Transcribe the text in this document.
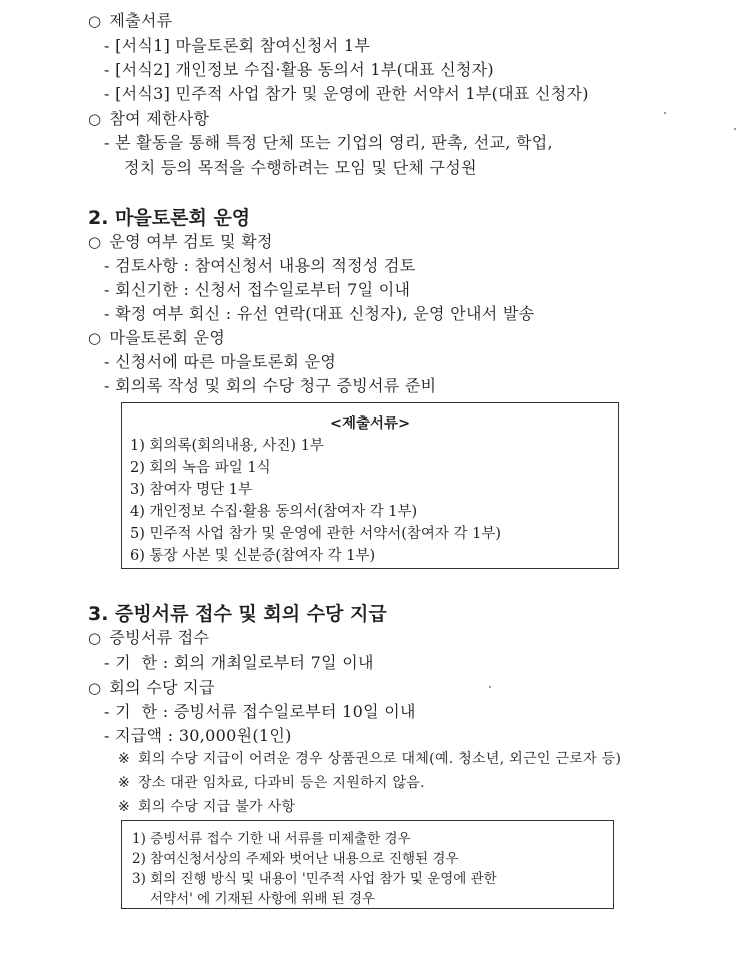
○ 제출서류
- [서식1] 마을토론회 참여신청서 1부
- [서식2] 개인정보 수집·활용 동의서 1부(대표 신청자)
- [서식3] 민주적 사업 참가 및 운영에 관한 서약서 1부(대표 신청자)
○ 참여 제한사항
- 본 활동을 통해 특정 단체 또는 기업의 영리, 판촉, 선교, 학업,
정치 등의 목적을 수행하려는 모임 및 단체 구성원
2. 마을토론회 운영
○ 운영 여부 검토 및 확정
- 검토사항 : 참여신청서 내용의 적정성 검토
- 회신기한 : 신청서 접수일로부터 7일 이내
- 확정 여부 회신 : 유선 연락(대표 신청자), 운영 안내서 발송
○ 마을토론회 운영
- 신청서에 따른 마을토론회 운영
- 회의록 작성 및 회의 수당 청구 증빙서류 준비
<제출서류>
1) 회의록(회의내용, 사진) 1부
2) 회의 녹음 파일 1식
3) 참여자 명단 1부
4) 개인정보 수집·활용 동의서(참여자 각 1부)
5) 민주적 사업 참가 및 운영에 관한 서약서(참여자 각 1부)
6) 통장 사본 및 신분증(참여자 각 1부)
3. 증빙서류 접수 및 회의 수당 지급
○ 증빙서류 접수
- 기  한 : 회의 개최일로부터 7일 이내
○ 회의 수당 지급
- 기  한 : 증빙서류 접수일로부터 10일 이내
- 지급액 : 30,000원(1인)
※ 회의 수당 지급이 어려운 경우 상품권으로 대체(예. 청소년, 외근인 근로자 등)
※ 장소 대관 임차료, 다과비 등은 지원하지 않음.
※ 회의 수당 지급 불가 사항
1) 증빙서류 접수 기한 내 서류를 미제출한 경우
2) 참여신청서상의 주제와 벗어난 내용으로 진행된 경우
3) 회의 진행 방식 및 내용이 '민주적 사업 참가 및 운영에 관한
서약서' 에 기재된 사항에 위배 된 경우
